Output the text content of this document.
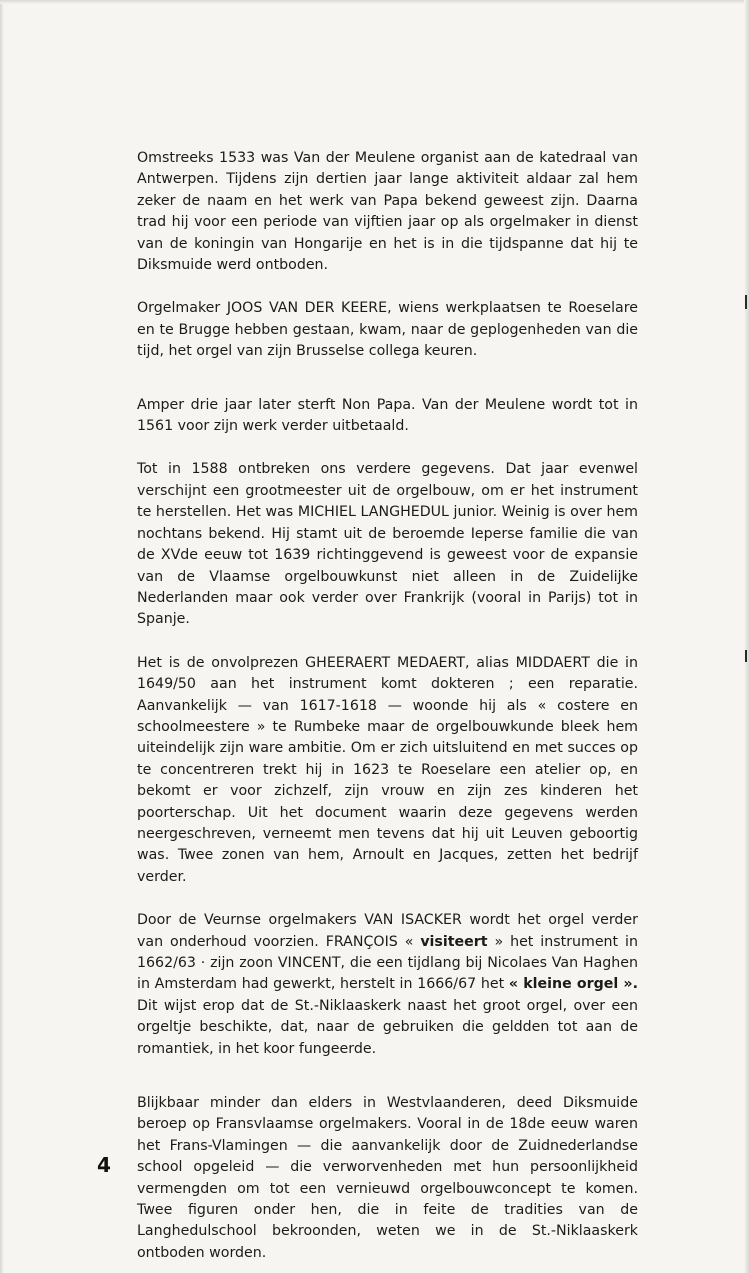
Omstreeks 1533 was Van der Meulene organist aan de katedraal van Antwerpen. Tijdens zijn dertien jaar lange aktiviteit aldaar zal hem zeker de naam en het werk van Papa bekend geweest zijn. Daarna trad hij voor een periode van vijftien jaar op als orgelmaker in dienst van de koningin van Hongarije en het is in die tijdspanne dat hij te Diksmuide werd ontboden.

Orgelmaker JOOS VAN DER KEERE, wiens werkplaatsen te Roeselare en te Brugge hebben gestaan, kwam, naar de geplogenheden van die tijd, het orgel van zijn Brusselse collega keuren.

Amper drie jaar later sterft Non Papa. Van der Meulene wordt tot in 1561 voor zijn werk verder uitbetaald.

Tot in 1588 ontbreken ons verdere gegevens. Dat jaar evenwel verschijnt een grootmeester uit de orgelbouw, om er het instrument te herstellen. Het was MICHIEL LANGHEDUL junior. Weinig is over hem nochtans bekend. Hij stamt uit de beroemde Ieperse familie die van de XVde eeuw tot 1639 richtinggevend is geweest voor de expansie van de Vlaamse orgelbouwkunst niet alleen in de Zuidelijke Nederlanden maar ook verder over Frankrijk (vooral in Parijs) tot in Spanje.

Het is de onvolprezen GHEERAERT MEDAERT, alias MIDDAERT die in 1649/50 aan het instrument komt dokteren ; een reparatie. Aanvankelijk — van 1617-1618 — woonde hij als « costere en schoolmeestere » te Rumbeke maar de orgelbouwkunde bleek hem uiteindelijk zijn ware ambitie. Om er zich uitsluitend en met succes op te concentreren trekt hij in 1623 te Roeselare een atelier op, en bekomt er voor zichzelf, zijn vrouw en zijn zes kinderen het poorterschap. Uit het document waarin deze gegevens werden neergeschreven, verneemt men tevens dat hij uit Leuven geboortig was. Twee zonen van hem, Arnoult en Jacques, zetten het bedrijf verder.

Door de Veurnse orgelmakers VAN ISACKER wordt het orgel verder van onderhoud voorzien. FRANÇOIS « visiteert » het instrument in 1662/63 · zijn zoon VINCENT, die een tijdlang bij Nicolaes Van Haghen in Amsterdam had gewerkt, herstelt in 1666/67 het « kleine orgel ». Dit wijst erop dat de St.-Niklaaskerk naast het groot orgel, over een orgeltje beschikte, dat, naar de gebruiken die geldden tot aan de romantiek, in het koor fungeerde.

Blijkbaar minder dan elders in Westvlaanderen, deed Diksmuide beroep op Fransvlaamse orgelmakers. Vooral in de 18de eeuw waren het Frans-Vlamingen — die aanvankelijk door de Zuidnederlandse school opgeleid — die verworvenheden met hun persoonlijkheid vermengden om tot een vernieuwd orgelbouwconcept te komen. Twee figuren onder hen, die in feite de tradities van de Langhedulschool bekroonden, weten we in de St.-Niklaaskerk ontboden worden.

4
